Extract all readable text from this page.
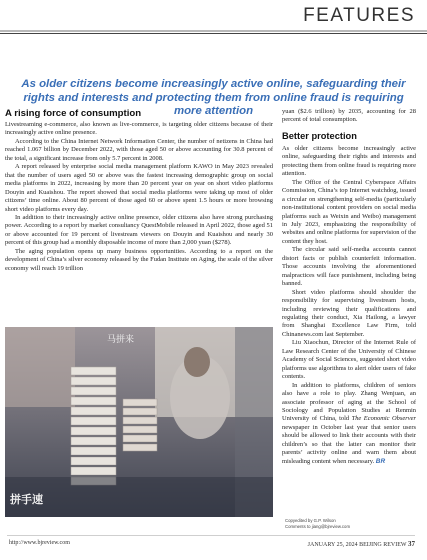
FEATURES
As older citizens become increasingly active online, safeguarding their rights and interests and protecting them from online fraud is requiring more attention
A rising force of consumption

Livestreaming e-commerce, also known as live-commerce, is targeting older citizens because of their increasingly active online presence.

According to the China Internet Network Information Center, the number of netizens in China had reached 1.067 billion by December 2022, with those aged 50 or above accounting for 30.8 percent of the total, a significant increase from only 5.7 percent in 2008.

A report released by enterprise social media management platform KAWO in May 2023 revealed that the number of users aged 50 or above was the fastest increasing demographic group on social media platforms in 2022, increasing by more than 20 percent year on year on short video platforms Douyin and Kuaishou. The report showed that social media platforms were taking up most of older citizens’ time online. About 80 percent of those aged 60 or above spent 1.5 hours or more browsing short video platforms every day.

In addition to their increasingly active online presence, older citizens also have strong purchasing power. According to a report by market consultancy QuestMobile released in April 2022, those aged 51 or above accounted for 19 percent of livestream viewers on Douyin and Kuaishou and nearly 30 percent of this group had a monthly disposable income of more than 2,000 yuan ($278).

The aging population opens up many business opportunities. According to a report on the development of China’s silver economy released by the Fudan Institute on Aging, the scale of the silver economy will reach 19 trillion

马拼来
拼手速

yuan ($2.6 trillion) by 2035, accounting for 28 percent of total consumption.

Better protection

As older citizens become increasingly active online, safeguarding their rights and interests and protecting them from online fraud is requiring more attention.

The Office of the Central Cyberspace Affairs Commission, China’s top Internet watchdog, issued a circular on strengthening self-media (particularly non-institutional content providers on social media platforms such as Weixin and Weibo) management in July 2023, emphasizing the responsibility of websites and online platforms for supervision of the content they host.

The circular said self-media accounts cannot distort facts or publish counterfeit information. Those accounts involving the aforementioned malpractices will face punishment, including being banned.

Short video platforms should shoulder the responsibility for supervising livestream hosts, including reviewing their qualifications and regulating their conduct, Xia Hailong, a lawyer from Shanghai Excellence Law Firm, told Chinanews.com last September.

Liu Xiaochun, Director of the Internet Rule of Law Research Center of the University of Chinese Academy of Social Sciences, suggested short video platforms use algorithms to alert older users of fake contents.

In addition to platforms, children of seniors also have a role to play. Zhang Wenjuan, an associate professor of aging at the School of Sociology and Population Studies at Renmin University of China, told The Economic Observer newspaper in October last year that senior users should be allowed to link their accounts with their children’s so that the latter can monitor their parents’ activity online and warn them about misleading content when necessary. BR

Copyedited by G.P. Wilson
Comments to jiang@bjreview.com
http://www.bjreview.com	JANUARY 25, 2024 BEIJING REVIEW 37
